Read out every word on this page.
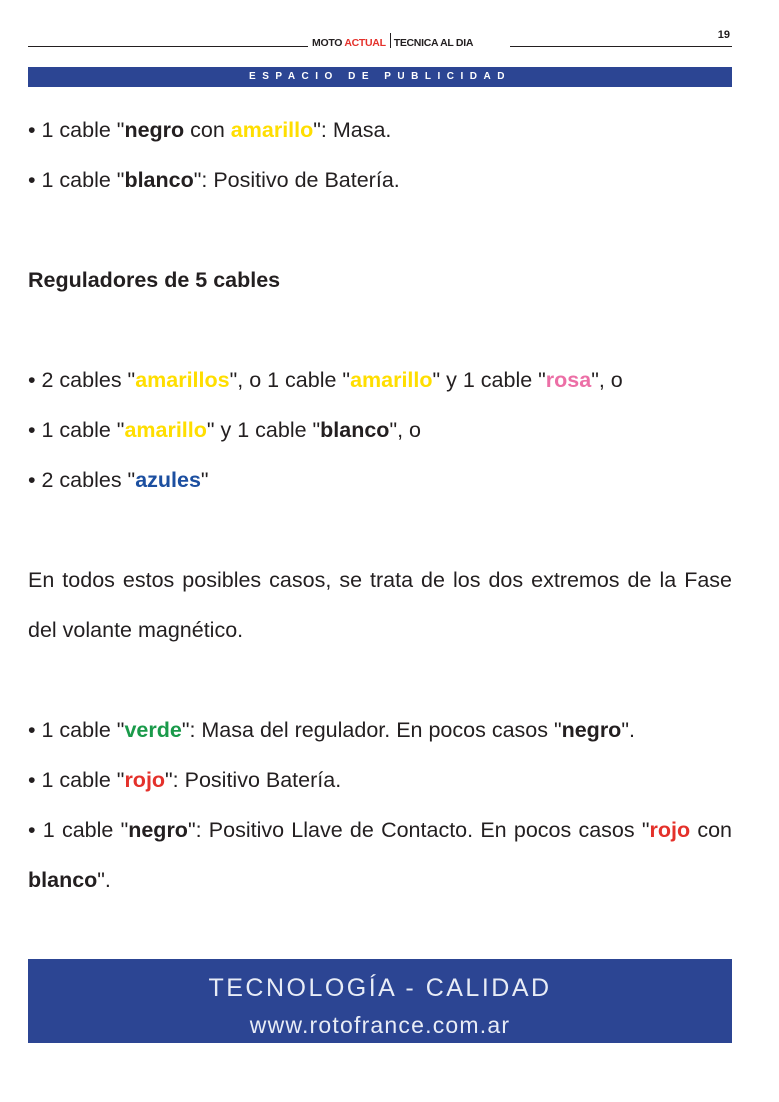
MOTO ACTUAL TECNICA AL DIA
19
ESPACIO DE PUBLICIDAD

• 1 cable "negro con amarillo": Masa.

• 1 cable "blanco": Positivo de Batería.

Reguladores de 5 cables

• 2 cables "amarillos", o 1 cable "amarillo" y 1 cable "rosa", o

• 1 cable "amarillo" y 1 cable "blanco", o

• 2 cables "azules"

En todos estos posibles casos, se trata de los dos extremos de la Fase del volante magnético.

• 1 cable "verde": Masa del regulador. En pocos casos "negro".

• 1 cable "rojo": Positivo Batería.

• 1 cable "negro": Positivo Llave de Contacto. En pocos casos "rojo con blanco".

TECNOLOGÍA - CALIDAD
www.rotofrance.com.ar
